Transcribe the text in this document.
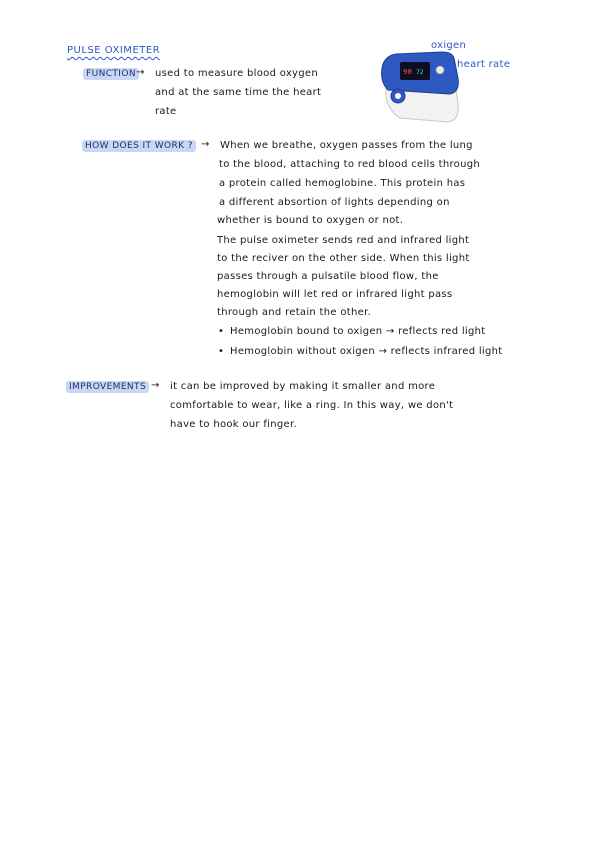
PULSE OXIMETER
FUNCTION → used to measure blood oxygen
and at the same time the heart
rate
98 72
oxigen
heart rate
HOW DOES IT WORK ? → When we breathe, oxygen passes from the lung
to the blood, attaching to red blood cells through
a protein called hemoglobine. This protein has
a different absortion of lights depending on
whether is bound to oxygen or not.
The pulse oximeter sends red and infrared light
to the reciver on the other side. When this light
passes through a pulsatile blood flow, the
hemoglobin will let red or infrared light pass
through and retain the other.
• Hemoglobin bound to oxigen → reflects red light
• Hemoglobin without oxigen → reflects infrared light
IMPROVEMENTS → it can be improved by making it smaller and more
comfortable to wear, like a ring. In this way, we don't
have to hook our finger.
